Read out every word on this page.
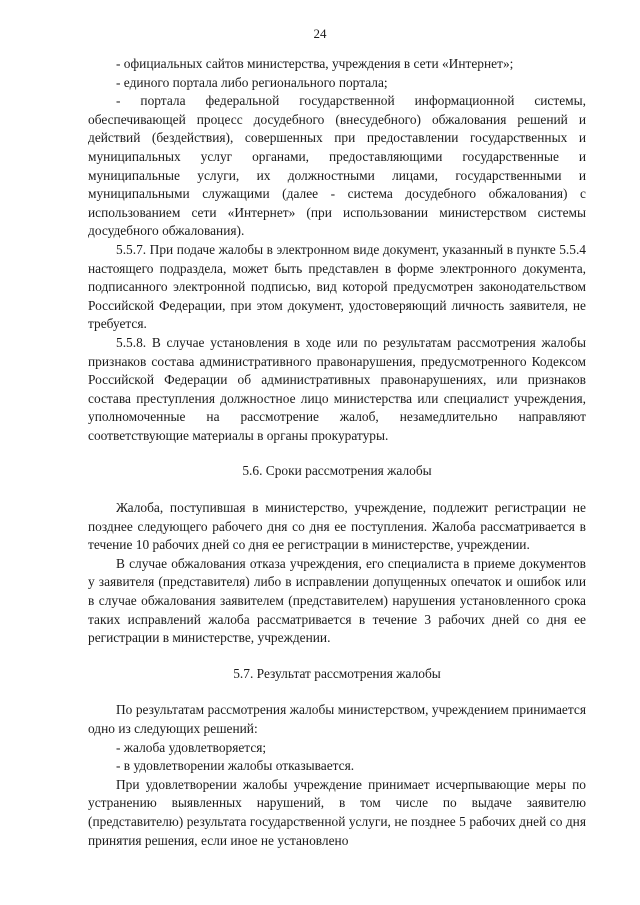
24

- официальных сайтов министерства, учреждения в сети «Интернет»;

- единого портала либо регионального портала;

- портала федеральной государственной информационной системы, обеспечивающей процесс досудебного (внесудебного) обжалования решений и действий (бездействия), совершенных при предоставлении государственных и муниципальных услуг органами, предоставляющими государственные и муниципальные услуги, их должностными лицами, государственными и муниципальными служащими (далее - система досудебного обжалования) с использованием сети «Интернет» (при использовании министерством системы досудебного обжалования).

5.5.7. При подаче жалобы в электронном виде документ, указанный в пункте 5.5.4 настоящего подраздела, может быть представлен в форме электронного документа, подписанного электронной подписью, вид которой предусмотрен законодательством Российской Федерации, при этом документ, удостоверяющий личность заявителя, не требуется.

5.5.8. В случае установления в ходе или по результатам рассмотрения жалобы признаков состава административного правонарушения, предусмотренного Кодексом Российской Федерации об административных правонарушениях, или признаков состава преступления должностное лицо министерства или специалист учреждения, уполномоченные на рассмотрение жалоб, незамедлительно направляют соответствующие материалы в органы прокуратуры.

5.6. Сроки рассмотрения жалобы

Жалоба, поступившая в министерство, учреждение, подлежит регистрации не позднее следующего рабочего дня со дня ее поступления. Жалоба рассматривается в течение 10 рабочих дней со дня ее регистрации в министерстве, учреждении.

В случае обжалования отказа учреждения, его специалиста в приеме документов у заявителя (представителя) либо в исправлении допущенных опечаток и ошибок или в случае обжалования заявителем (представителем) нарушения установленного срока таких исправлений жалоба рассматривается в течение 3 рабочих дней со дня ее регистрации в министерстве, учреждении.

5.7. Результат рассмотрения жалобы

По результатам рассмотрения жалобы министерством, учреждением принимается одно из следующих решений:

- жалоба удовлетворяется;

- в удовлетворении жалобы отказывается.

При удовлетворении жалобы учреждение принимает исчерпывающие меры по устранению выявленных нарушений, в том числе по выдаче заявителю (представителю) результата государственной услуги, не позднее 5 рабочих дней со дня принятия решения, если иное не установлено
